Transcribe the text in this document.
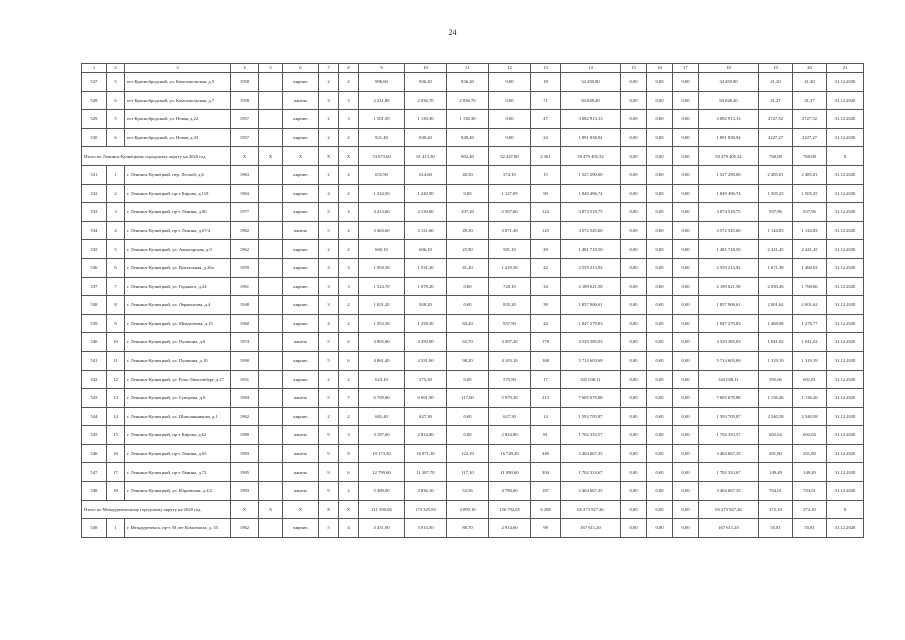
24
1	2	3	4	5	6	7	8	9	10	11	12	13	14	15	16	17	18	19	20	21
527	5	пгт Краснобродский, ул. Комсомольская, д.5	1958		кирпич	2	2	996,60	836,20	836,20	0,00	18	34 450,80	0,00	0,00	0,00	34 450,80	41,20	41,20	31.12.2020
528	6	пгт Краснобродский, ул. Комсомольская, д.7	1958		панель	3	3	2 211,80	2 036,70	2 036,70	0,00	71	84 048,40	0,00	0,00	0,00	84 048,40	41,27	41,27	31.12.2020
529	5	пгт Краснобродский, ул. Новая, д.22	1957		кирпич	2	3	1 501,50	1 130,30	1 130,30	0,00	47	3 082 913,13	0,00	0,00	0,00	3 082 913,13	2727,52	2727,52	31.12.2020
530	6	пгт Краснобродский, ул. Новая, д.43	1957		кирпич	2	2	921,40	849,40	849,40	0,00	24	1 891 838,94	0,00	0,00	0,00	1 891 838,94	2227,27	2227,27	31.12.2020
Итого по Ленинск-Кузнецкому городскому округу на 2020 год			X	X	X	X	X	74 673,60	61 413,30	902,40	62 447,80	2 361	50 479 405,32	0,00	0,00	0,00	50 479 405,32	760,08	760,08	X
531	1	г. Ленинск-Кузнецкий, пер. Лесной, д.6	1963		кирпич	2	2	655,90	614,60	40,50	574,10	15	1 527 290,00	0,00	0,00	0,00	1 527 290,00	2 485,01	2 485,01	31.12.2020
532	2	г. Ленинск-Кузнецкий, пр-т Кирова, д.118	1963		кирпич	4	2	1 334,50	1 240,90	0,00	1 127,09	90	1 849 496,74	0,00	0,00	0,00	1 849 496,74	1 505,25	1 505,25	31.12.2020
533	3	г. Ленинск-Кузнецкий, пр-т Ленина, д.80	1977		кирпич	5	4	4 413,60	4 130,80	107,20	2 507,60	124	3 874 518,75	0,00	0,00	0,00	3 874 518,75	937,96	937,96	31.12.2020
534	4	г. Ленинск-Кузнецкий, пр-т Ленина, д.67/4	1982		панель	5	4	3 463,60	3 121,60	49,30	3 071,30	123	3 572 545,60	0,00	0,00	0,00	3 572 545,60	1 144,83	1 144,83	31.12.2020
535	5	г. Ленинск-Кузнецкий, ул. Авиаторская, д.9	1962		кирпич	2	2	660,10	606,10	25,90	581,10	29	1 481 718,50	0,00	0,00	0,00	1 481 718,50	2 441,45	2 441,45	31.12.2020
536	6	г. Ленинск-Кузнецкий, ул. Вокзальная, д.26а	1959		кирпич	3	3	1 904,50	1 531,20	41,20	1 419,50	42	2 559 213,92	0,00	0,00	0,00	2 559 213,92	1 671,38	1 460,02	31.12.2020
537	7	г. Ленинск-Кузнецкий, ул. Горького, д.24	1961		кирпич	3	3	1 524,70	1 078,20	0,00	720,10	34	2 189 021,58	0,00	0,00	0,00	2 189 021,58	2 030,26	1 768,66	31.12.2020
538	8	г. Ленинск-Кузнецкий, ул. Лермонтова, д.4	1948		кирпич	3	2	1 051,20	928,20	0,00	835,20	39	1 857 906,61	0,00	0,00	0,00	1 857 906,61	2 001,62	2 001,62	31.12.2020
539	9	г. Ленинск-Кузнецкий, ул. Менделеева, д.15	1960		кирпич	4	2	1 353,50	1 258,30	84,20	937,90	44	1 847 279,83	0,00	0,00	0,00	1 847 279,83	1 468,08	1 276,77	31.12.2020
540	10	г. Ленинск-Кузнецкий, ул. Пушкина, д.6	1974		панель	5	6	4 805,60	4 350,90	63,70	4 307,20	178	4 529 385,03	0,00	0,00	0,00	4 529 385,03	1 041,02	1 041,02	31.12.2020
541	11	г. Ленинск-Кузнецкий, ул. Пушкина, д.10	1990		кирпич	5	6	4 861,40	4 331,90	98,20	4 103,10	168	5 714 603,69	0,00	0,00	0,00	5 714 603,69	1 319,19	1 319,19	31.12.2020
542	12	г. Ленинск-Кузнецкий, ул. Розы Люксембург, д.27	1931		кирпич	2	2	623,10	575,30	0,00	575,90	17	345 038,11	0,00	0,00	0,00	343 038,11	595,66	601,81	31.12.2020
543	13	г. Ленинск-Кузнецкий, ул. Суворова, д.6	1984		панель	5	7	6 769,60	6 691,90	117,60	5 979,30	213	7 605 678,88	0,00	0,00	0,00	7 605 678,88	1 136,26	1 136,26	31.12.2020
544	14	г. Ленинск-Кузнецкий, ул. Шишлянникова, д.1	1962		кирпич	2	2	681,40	627,30	0,00	627,30	14	1 593 705,87	0,00	0,00	0,00	1 593 705,87	2 540,58	2 540,58	31.12.2020
545	15	г. Ленинск-Кузнецкий, пр-т Кирова, д.62	1980		панель	9	3	3 187,60	2 824,80	0,00	2 824,80	81	1 702 333,57	0,00	0,00	0,00	1 702 333,57	602,64	602,64	31.12.2020
546	16	г. Ленинск-Кузнецкий, пр-т Ленина, д.65	1983		панель	9	9	19 173,50	16 871,30	122,10	16 749,20	440	3 404 667,35	0,00	0,00	0,00	3 404 667,35	201,80	201,80	31.12.2020
547	17	г. Ленинск-Кузнецкий, пр-т Ленина, д.72	1995		панель	9	6	12 799,60	11 387,70	117,10	11 090,60	394	1 702 333,67	0,00	0,00	0,00	1 702 333,67	149,49	149,49	31.12.2020
548	18	г. Ленинск-Кузнецкий, ул. Юрьевская, д.4/2	1993		панель	9	2	5 489,00	4 836,10	53,56	4 780,60	187	3 404 667,35	0,00	0,00	0,00	3 404 667,35	704,01	704,01	31.12.2020
Итого по Междуреченскому городскому округу на 2020 год			X	X	X	X	X	211 590,06	173 325,83	4 099,10	156 792,65	6 298	65 273 927,26	0,00	0,00	0,00	65 273 927,26	372,10	372,10	X
549	1	г. Междуреченск, пр-т 50 лет Комсомола, д. 35	1962		кирпич	5	4	3 451,90	3 013,50	88,70	2 914,60	98	167 611,20	0,00	0,00	0,00	167 611,20	55,81	55,81	31.12.2020
